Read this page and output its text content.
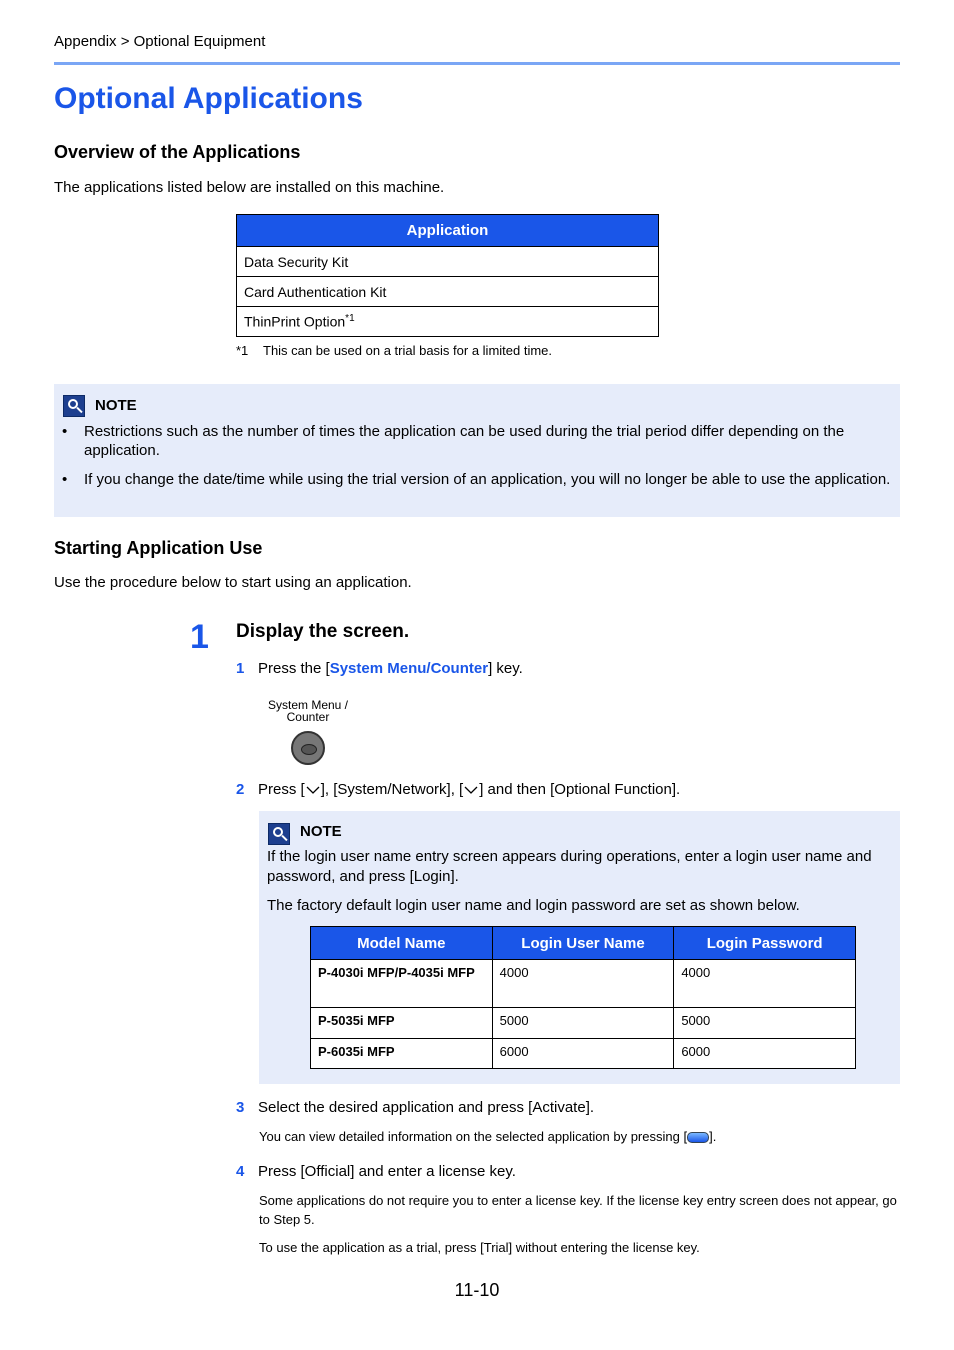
Appendix > Optional Equipment
Optional Applications
Overview of the Applications
The applications listed below are installed on this machine.
Application
Data Security Kit
Card Authentication Kit
ThinPrint Option$^{*1}$
*1 This can be used on a trial basis for a limited time.
NOTE
• Restrictions such as the number of times the application can be used during the trial period differ depending on the application.
• If you change the date/time while using the trial version of an application, you will no longer be able to use the application.
Starting Application Use
Use the procedure below to start using an application.
1 Display the screen.
1 Press the [System Menu/Counter] key.
System Menu /
Counter
2 Press [ ], [System/Network], [ ] and then [Optional Function].
NOTE
If the login user name entry screen appears during operations, enter a login user name and password, and press [Login].
The factory default login user name and login password are set as shown below.
Model Name	Login User Name	Login Password
P-4030i MFP/P-4035i MFP	4000	4000
P-5035i MFP	5000	5000
P-6035i MFP	6000	6000
3 Select the desired application and press [Activate].
You can view detailed information on the selected application by pressing [ ].
4 Press [Official] and enter a license key.
Some applications do not require you to enter a license key. If the license key entry screen does not appear, go to Step 5.
To use the application as a trial, press [Trial] without entering the license key.
11-10
